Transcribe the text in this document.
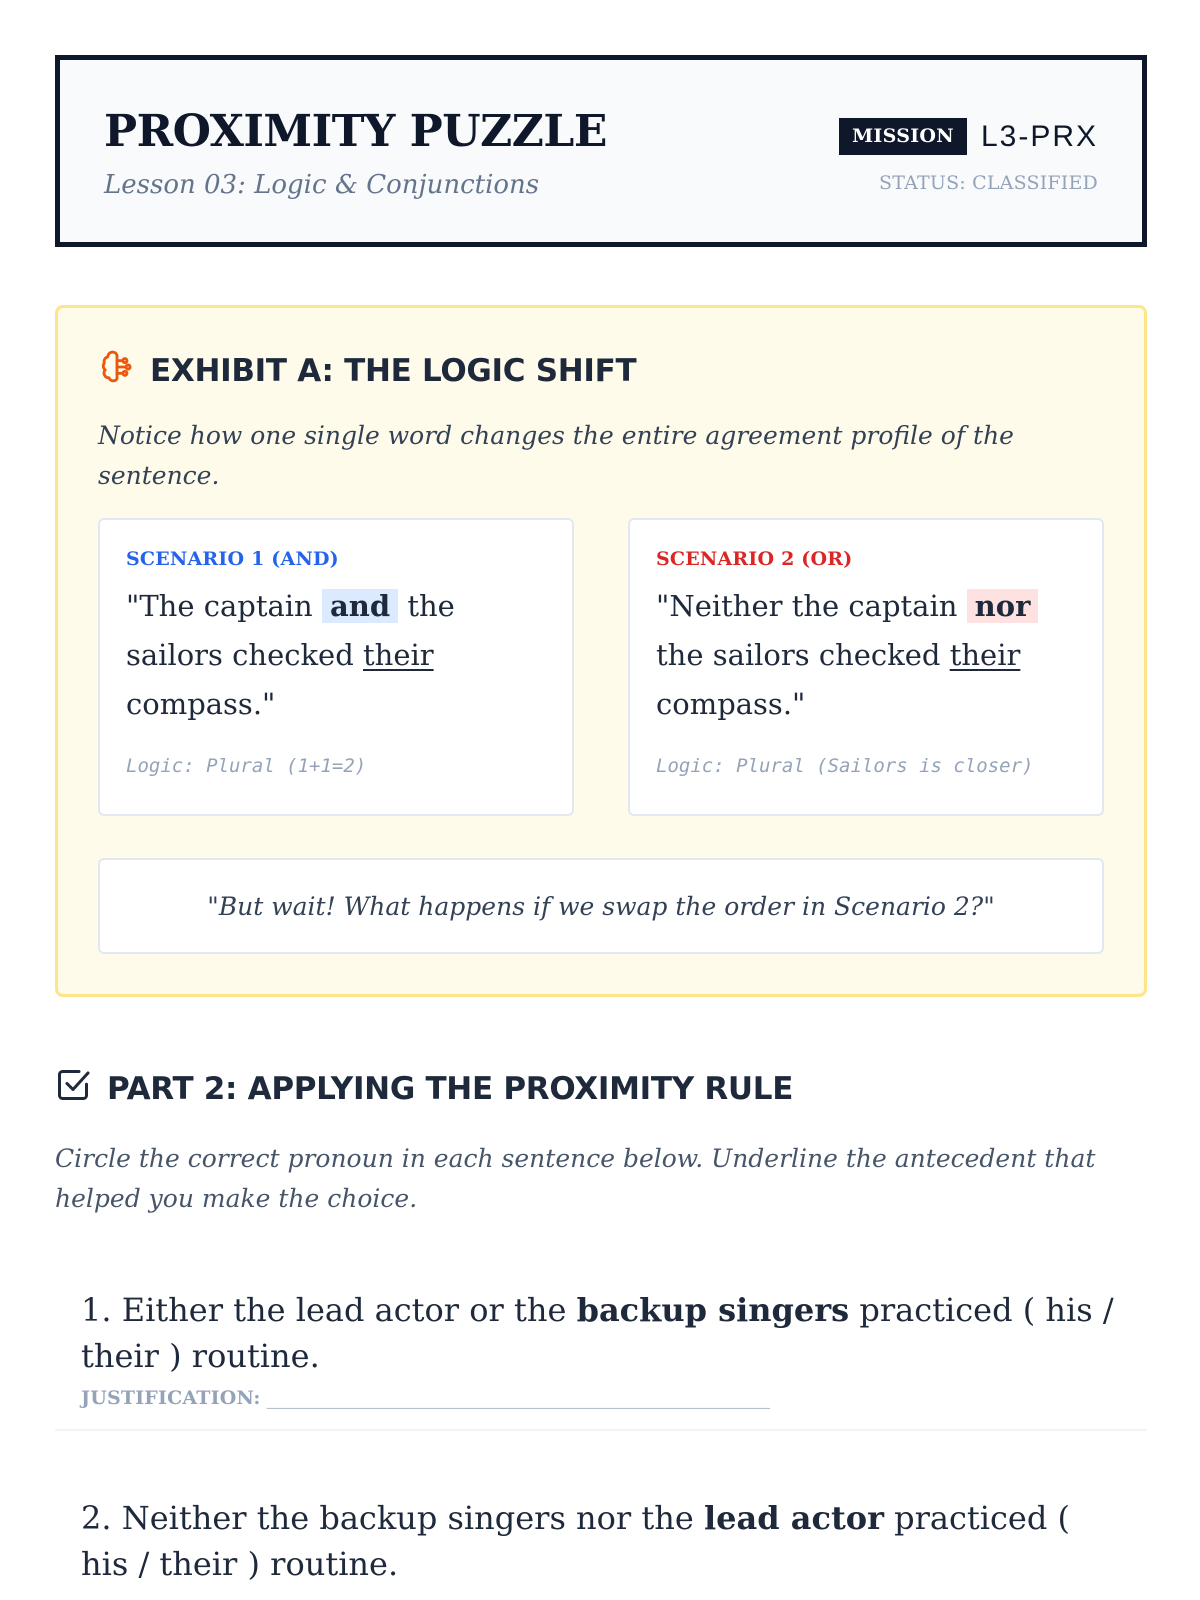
PROXIMITY PUZZLE
Lesson 03: Logic & Conjunctions
MISSION L3-PRX
STATUS: CLASSIFIED
EXHIBIT A: THE LOGIC SHIFT

Notice how one single word changes the entire agreement profile of the sentence.

SCENARIO 1 (AND)
"The captain and the sailors checked their compass."
Logic: Plural (1+1=2)
SCENARIO 2 (OR)
"Neither the captain nor the sailors checked their compass."
Logic: Plural (Sailors is closer)
"But wait! What happens if we swap the order in Scenario 2?"
PART 2: APPLYING THE PROXIMITY RULE

Circle the correct pronoun in each sentence below. Underline the antecedent that helped you make the choice.

1. Either the lead actor or the backup singers practiced ( his / their ) routine.

JUSTIFICATION: _____________________________________________________

2. Neither the backup singers nor the lead actor practiced ( his / their ) routine.
